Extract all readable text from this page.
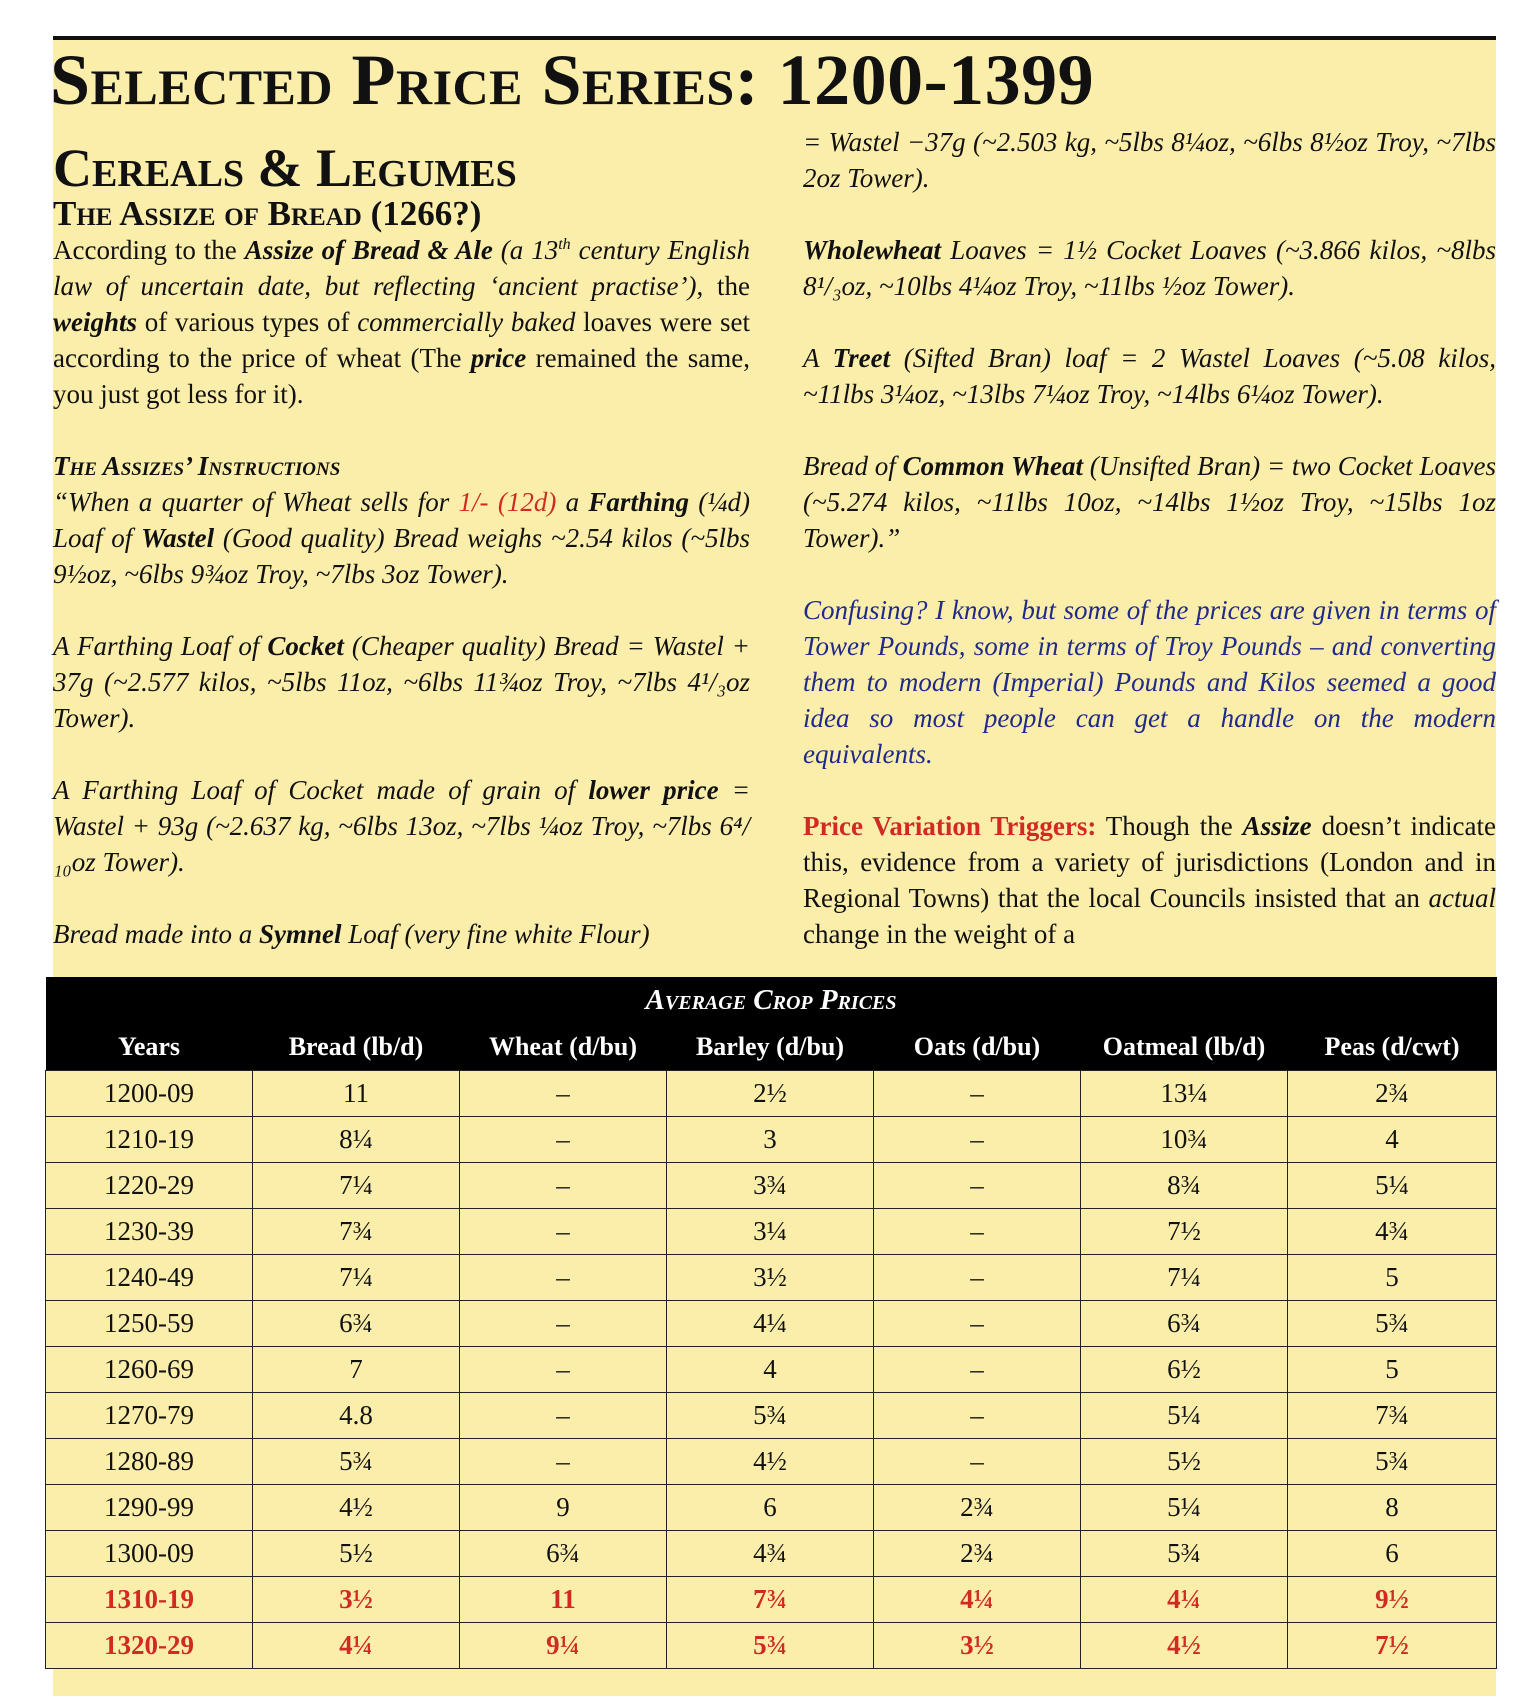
Selected Price Series: 1200-1399
Cereals & Legumes
The Assize of Bread (1266?)

According to the Assize of Bread & Ale (a 13th century English law of uncertain date, but reflecting ‘ancient practise’), the weights of various types of commercially baked loaves were set according to the price of wheat (The price remained the same, you just got less for it).

The Assizes’ Instructions

“When a quarter of Wheat sells for 1/- (12d) a Farthing (¼d) Loaf of Wastel (Good quality) Bread weighs ~2.54 kilos (~5lbs 9½oz, ~6lbs 9¾oz Troy, ~7lbs 3oz Tower).

A Farthing Loaf of Cocket (Cheaper quality) Bread = Wastel + 37g (~2.577 kilos, ~5lbs 11oz, ~6lbs 11¾oz Troy, ~7lbs 4¹/₃oz Tower).

A Farthing Loaf of Cocket made of grain of lower price = Wastel + 93g (~2.637 kg, ~6lbs 13oz, ~7lbs ¼oz Troy, ~7lbs 6⁴/₁₀oz Tower).

Bread made into a Symnel Loaf (very fine white Flour)

= Wastel −37g (~2.503 kg, ~5lbs 8¼oz, ~6lbs 8½oz Troy, ~7lbs 2oz Tower).

Wholewheat Loaves = 1½ Cocket Loaves (~3.866 kilos, ~8lbs 8¹/₃oz, ~10lbs 4¼oz Troy, ~11lbs ½oz Tower).

A Treet (Sifted Bran) loaf = 2 Wastel Loaves (~5.08 kilos, ~11lbs 3¼oz, ~13lbs 7¼oz Troy, ~14lbs 6¼oz Tower).

Bread of Common Wheat (Unsifted Bran) = two Cocket Loaves (~5.274 kilos, ~11lbs 10oz, ~14lbs 1½oz Troy, ~15lbs 1oz Tower).”

Confusing? I know, but some of the prices are given in terms of Tower Pounds, some in terms of Troy Pounds – and converting them to modern (Imperial) Pounds and Kilos seemed a good idea so most people can get a handle on the modern equivalents.

Price Variation Triggers: Though the Assize doesn’t indicate this, evidence from a variety of jurisdictions (London and in Regional Towns) that the local Councils insisted that an actual change in the weight of a

Average Crop Prices						
Years	Bread (lb/d)	Wheat (d/bu)	Barley (d/bu)	Oats (d/bu)	Oatmeal (lb/d)	Peas (d/cwt)
1200-09	11	–	2½	–	13¼	2¾
1210-19	8¼	–	3	–	10¾	4
1220-29	7¼	–	3¾	–	8¾	5¼
1230-39	7¾	–	3¼	–	7½	4¾
1240-49	7¼	–	3½	–	7¼	5
1250-59	6¾	–	4¼	–	6¾	5¾
1260-69	7	–	4	–	6½	5
1270-79	4.8	–	5¾	–	5¼	7¾
1280-89	5¾	–	4½	–	5½	5¾
1290-99	4½	9	6	2¾	5¼	8
1300-09	5½	6¾	4¾	2¾	5¾	6
1310-19	3½	11	7¾	4¼	4¼	9½
1320-29	4¼	9¼	5¾	3½	4½	7½
